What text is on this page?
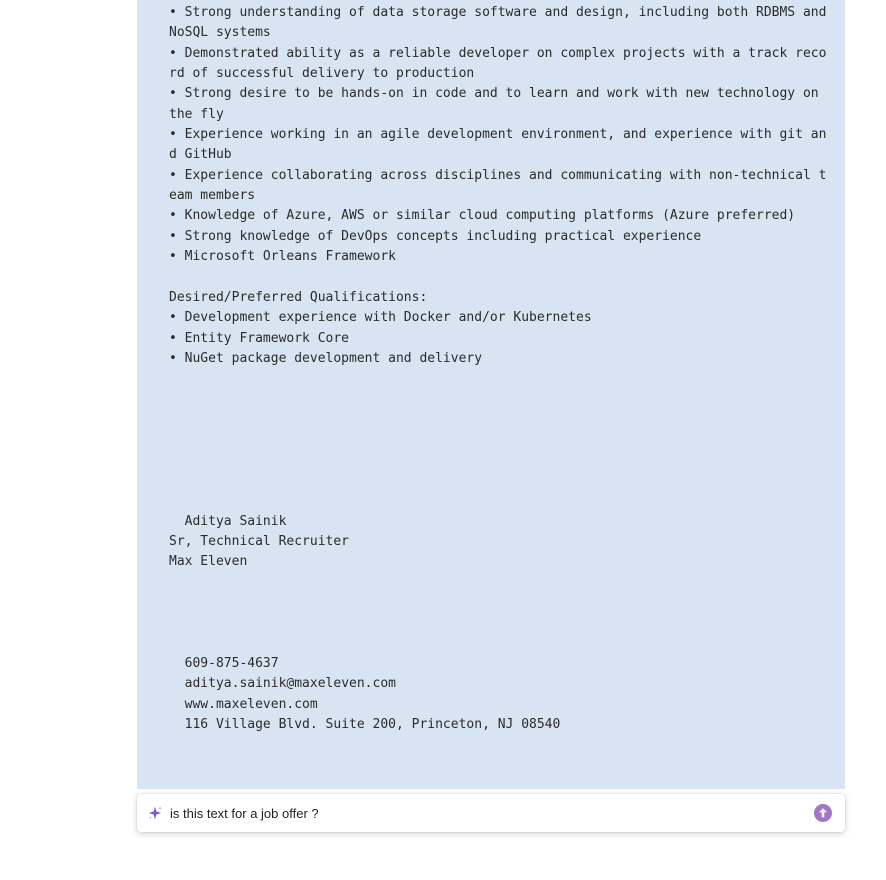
• Strong understanding of data storage software and design, including both RDBMS and NoSQL systems
• Demonstrated ability as a reliable developer on complex projects with a track record of successful delivery to production
• Strong desire to be hands-on in code and to learn and work with new technology on the fly
• Experience working in an agile development environment, and experience with git and GitHub
• Experience collaborating across disciplines and communicating with non-technical team members
• Knowledge of Azure, AWS or similar cloud computing platforms (Azure preferred)
• Strong knowledge of DevOps concepts including practical experience
• Microsoft Orleans Framework

Desired/Preferred Qualifications:
• Development experience with Docker and/or Kubernetes
• Entity Framework Core
• NuGet package development and delivery

Aditya Sainik
Sr, Technical Recruiter
Max Eleven

609-875-4637
aditya.sainik@maxeleven.com
www.maxeleven.com
116 Village Blvd. Suite 200, Princeton, NJ 08540
is this text for a job offer ?
